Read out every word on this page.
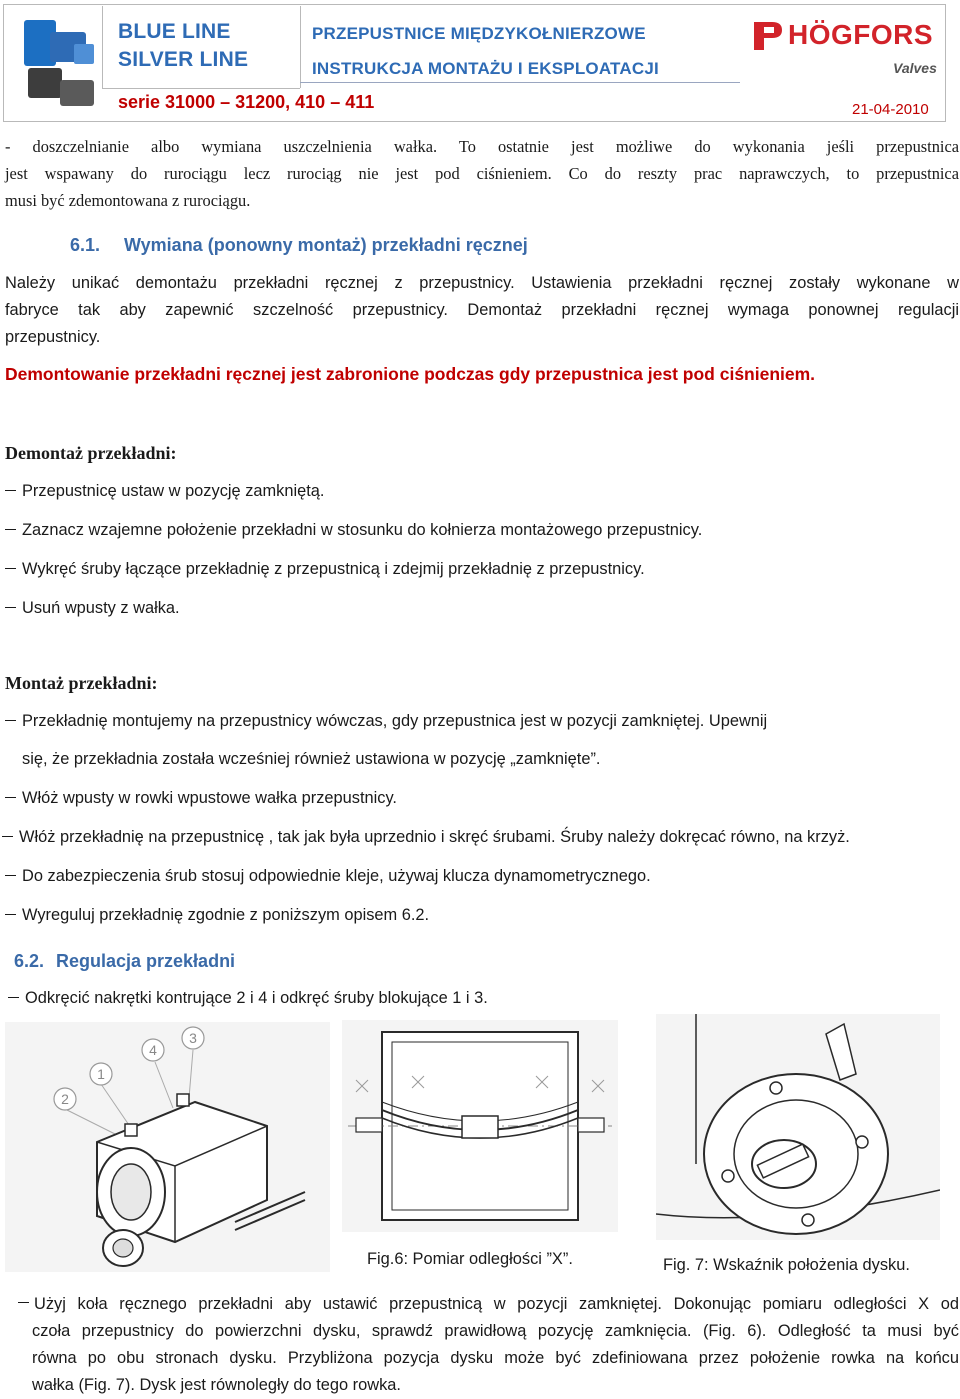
BLUE LINE
SILVER LINE
serie 31000 – 31200, 410 – 411
PRZEPUSTNICE MIĘDZYKOŁNIERZOWE
INSTRUKCJA MONTAŻU I EKSPLOATACJI
HÖGFORS
Valves
21-04-2010
- doszczelnianie albo wymiana uszczelnienia wałka. To ostatnie jest możliwe do wykonania jeśli przepustnica
jest wspawany do rurociągu lecz rurociąg nie jest pod ciśnieniem. Co do reszty prac naprawczych, to przepustnica
musi być zdemontowana z rurociągu.
6.1. Wymiana (ponowny montaż) przekładni ręcznej
Należy unikać demontażu przekładni ręcznej z przepustnicy. Ustawienia przekładni ręcznej zostały wykonane w
fabryce tak aby zapewnić szczelność przepustnicy. Demontaż przekładni ręcznej wymaga ponownej regulacji
przepustnicy.
Demontowanie przekładni ręcznej jest zabronione podczas gdy przepustnica jest pod ciśnieniem.
Demontaż przekładni:
Przepustnicę ustaw w pozycję zamkniętą.
Zaznacz wzajemne położenie przekładni w stosunku do kołnierza montażowego przepustnicy.
Wykręć śruby łączące przekładnię z przepustnicą i zdejmij przekładnię z przepustnicy.
Usuń wpusty z wałka.
Montaż przekładni:
Przekładnię montujemy na przepustnicy wówczas, gdy przepustnica jest w pozycji zamkniętej. Upewnij
się, że przekładnia została wcześniej również ustawiona w pozycję „zamknięte”.
Włóż wpusty w rowki wpustowe wałka przepustnicy.
Włóż przekładnię na przepustnicę , tak jak była uprzednio i skręć śrubami. Śruby należy dokręcać równo, na krzyż.
Do zabezpieczenia śrub stosuj odpowiednie kleje, używaj klucza dynamometrycznego.
Wyreguluj przekładnię zgodnie z poniższym opisem 6.2.
6.2. Regulacja przekładni
Odkręcić nakrętki kontrujące 2 i 4 i odkręć śruby blokujące 1 i 3.
2
1
4
3
Fig.6: Pomiar odległości ”X”.	Fig. 7: Wskaźnik położenia dysku.
Użyj koła ręcznego przekładni aby ustawić przepustnicą w pozycji zamkniętej. Dokonując pomiaru odległości X od
czoła przepustnicy do powierzchni dysku, sprawdź prawidłową pozycję zamknięcia. (Fig. 6). Odległość ta musi być
równa po obu stronach dysku. Przybliżona pozycja dysku może być zdefiniowana przez położenie rowka na końcu
wałka (Fig. 7). Dysk jest równoległy do tego rowka.
